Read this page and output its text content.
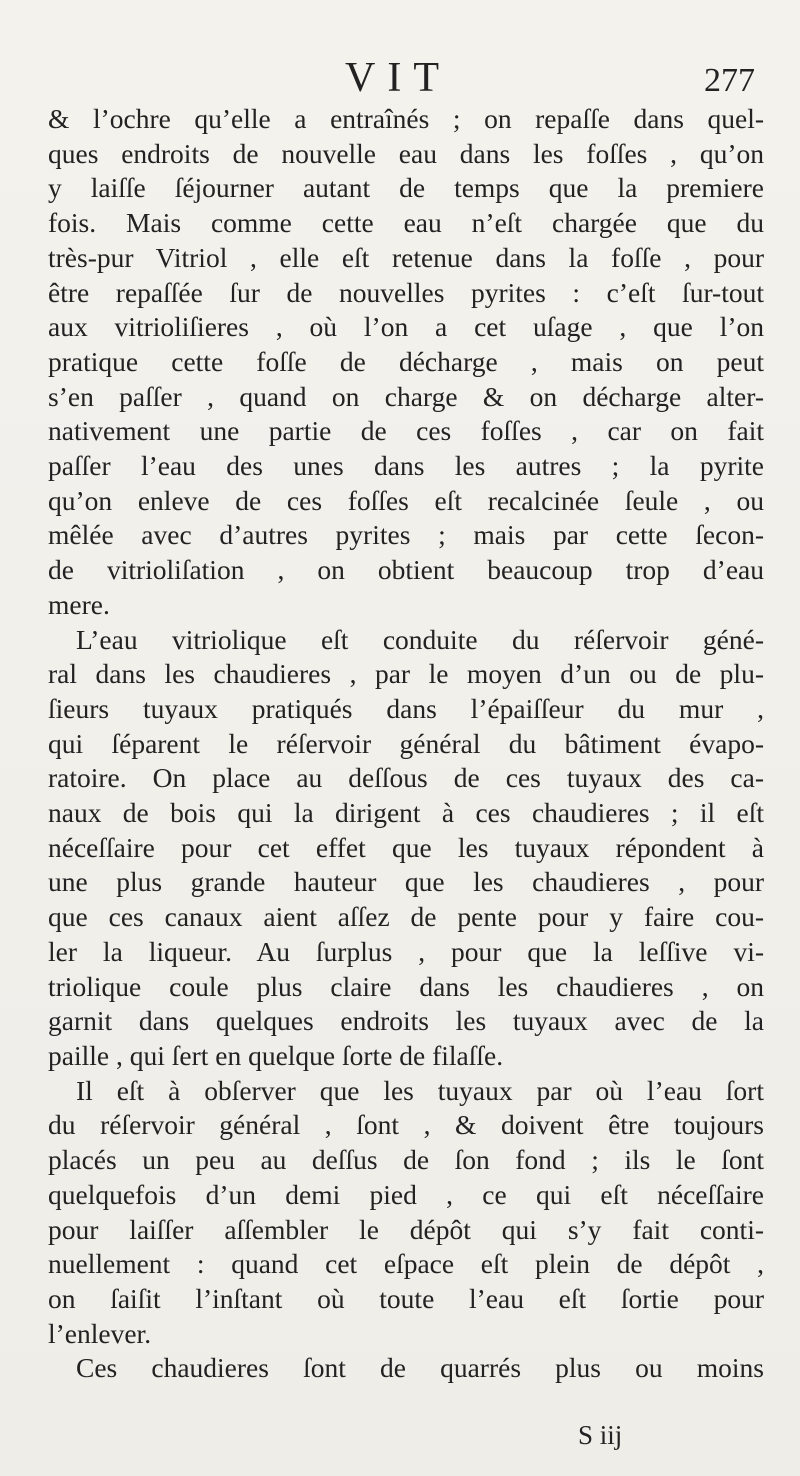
VIT	277
& l’ochre qu’elle a entraînés ; on repaſſe dans quel-
ques endroits de nouvelle eau dans les foſſes , qu’on
y laiſſe ſéjourner autant de temps que la premiere
fois. Mais comme cette eau n’eſt chargée que du
très-pur Vitriol , elle eſt retenue dans la foſſe , pour
être repaſſée ſur de nouvelles pyrites : c’eſt ſur-tout
aux vitrioliſieres , où l’on a cet uſage , que l’on
pratique cette foſſe de décharge , mais on peut
s’en paſſer , quand on charge & on décharge alter-
nativement une partie de ces foſſes , car on fait
paſſer l’eau des unes dans les autres ; la pyrite
qu’on enleve de ces foſſes eſt recalcinée ſeule , ou
mêlée avec d’autres pyrites ; mais par cette ſecon-
de vitrioliſation , on obtient beaucoup trop d’eau
mere.
L’eau vitriolique eſt conduite du réſervoir géné-
ral dans les chaudieres , par le moyen d’un ou de plu-
ſieurs tuyaux pratiqués dans l’épaiſſeur du mur ,
qui ſéparent le réſervoir général du bâtiment évapo-
ratoire. On place au deſſous de ces tuyaux des ca-
naux de bois qui la dirigent à ces chaudieres ; il eſt
néceſſaire pour cet effet que les tuyaux répondent à
une plus grande hauteur que les chaudieres , pour
que ces canaux aient aſſez de pente pour y faire cou-
ler la liqueur. Au ſurplus , pour que la leſſive vi-
triolique coule plus claire dans les chaudieres , on
garnit dans quelques endroits les tuyaux avec de la
paille , qui ſert en quelque ſorte de filaſſe.
Il eſt à obſerver que les tuyaux par où l’eau ſort
du réſervoir général , ſont , & doivent être toujours
placés un peu au deſſus de ſon fond ; ils le ſont
quelquefois d’un demi pied , ce qui eſt néceſſaire
pour laiſſer aſſembler le dépôt qui s’y fait conti-
nuellement : quand cet eſpace eſt plein de dépôt ,
on ſaiſit l’inſtant où toute l’eau eſt ſortie pour
l’enlever.
Ces chaudieres ſont de quarrés plus ou moins
S iij
